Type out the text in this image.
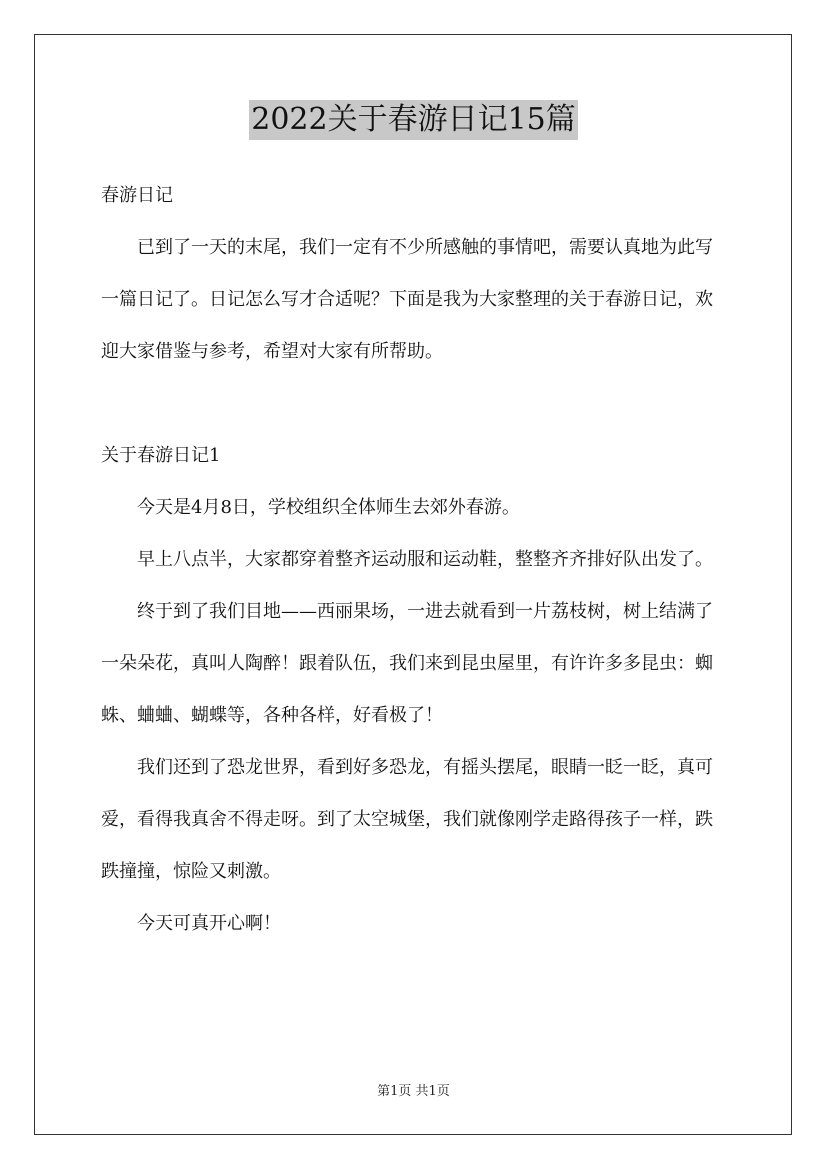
2022关于春游日记15篇

春游日记

已到了一天的末尾，我们一定有不少所感触的事情吧，需要认真地为此写一篇日记了。日记怎么写才合适呢？下面是我为大家整理的关于春游日记，欢迎大家借鉴与参考，希望对大家有所帮助。

关于春游日记1

今天是4月8日，学校组织全体师生去郊外春游。

早上八点半，大家都穿着整齐运动服和运动鞋，整整齐齐排好队出发了。

终于到了我们目地——西丽果场，一进去就看到一片荔枝树，树上结满了一朵朵花，真叫人陶醉！跟着队伍，我们来到昆虫屋里，有许许多多昆虫：蜘蛛、蛐蛐、蝴蝶等，各种各样，好看极了！

我们还到了恐龙世界，看到好多恐龙，有摇头摆尾，眼睛一眨一眨，真可爱，看得我真舍不得走呀。到了太空城堡，我们就像刚学走路得孩子一样，跌跌撞撞，惊险又刺激。

今天可真开心啊！

第1页 共1页
